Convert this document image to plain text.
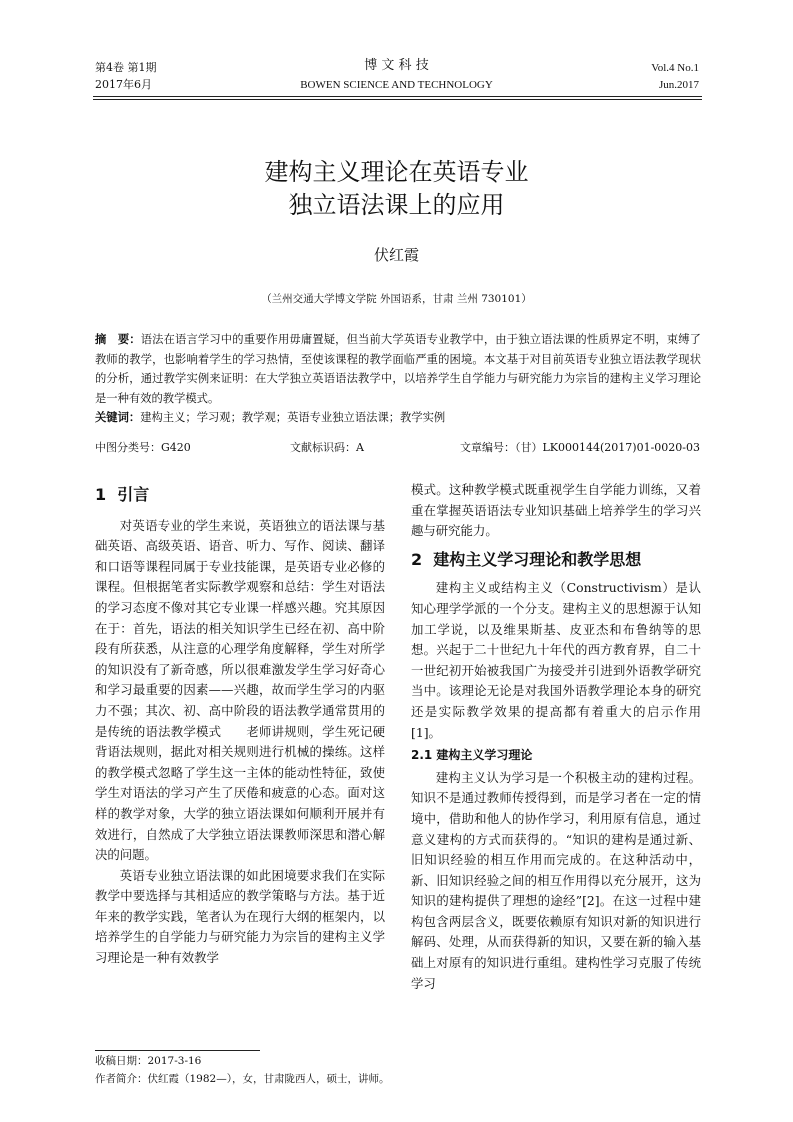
第4卷 第1期
2017年6月
博 文 科 技
BOWEN SCIENCE AND TECHNOLOGY
Vol.4 No.1
Jun.2017
建构主义理论在英语专业
独立语法课上的应用
伏红霞
（兰州交通大学博文学院 外国语系，甘肃 兰州 730101）
摘　要：语法在语言学习中的重要作用毋庸置疑，但当前大学英语专业教学中，由于独立语法课的性质界定不明，束缚了教师的教学，也影响着学生的学习热情，至使该课程的教学面临严重的困境。本文基于对目前英语专业独立语法教学现状的分析，通过教学实例来证明：在大学独立英语语法教学中，以培养学生自学能力与研究能力为宗旨的建构主义学习理论是一种有效的教学模式。
关键词：建构主义；学习观；教学观；英语专业独立语法课；教学实例
中图分类号：G420	文献标识码：A	文章编号：（甘）LK000144(2017)01-0020-03
1 引言

对英语专业的学生来说，英语独立的语法课与基础英语、高级英语、语音、听力、写作、阅读、翻译和口语等课程同属于专业技能课，是英语专业必修的课程。但根据笔者实际教学观察和总结：学生对语法的学习态度不像对其它专业课一样感兴趣。究其原因在于：首先，语法的相关知识学生已经在初、高中阶段有所获悉，从注意的心理学角度解释，学生对所学的知识没有了新奇感，所以很难激发学生学习好奇心和学习最重要的因素——兴趣，故而学生学习的内驱力不强；其次、初、高中阶段的语法教学通常贯用的是传统的语法教学模式　　老师讲规则，学生死记硬背语法规则，据此对相关规则进行机械的操练。这样的教学模式忽略了学生这一主体的能动性特征，致使学生对语法的学习产生了厌倦和疲意的心态。面对这样的教学对象，大学的独立语法课如何顺利开展并有效进行，自然成了大学独立语法课教师深思和潜心解决的问题。

英语专业独立语法课的如此困境要求我们在实际教学中要选择与其相适应的教学策略与方法。基于近年来的教学实践，笔者认为在现行大纲的框架内，以培养学生的自学能力与研究能力为宗旨的建构主义学习理论是一种有效教学

模式。这种教学模式既重视学生自学能力训练，又着重在掌握英语语法专业知识基础上培养学生的学习兴趣与研究能力。

2 建构主义学习理论和教学思想

建构主义或结构主义（Constructivism）是认知心理学学派的一个分支。建构主义的思想源于认知加工学说，以及维果斯基、皮亚杰和布鲁纳等的思想。兴起于二十世纪九十年代的西方教育界，自二十一世纪初开始被我国广为接受并引进到外语教学研究当中。该理论无论是对我国外语教学理论本身的研究还是实际教学效果的提高都有着重大的启示作用[1]。

2.1 建构主义学习理论

建构主义认为学习是一个积极主动的建构过程。知识不是通过教师传授得到，而是学习者在一定的情境中，借助和他人的协作学习，利用原有信息，通过意义建构的方式而获得的。“知识的建构是通过新、旧知识经验的相互作用而完成的。在这种活动中，新、旧知识经验之间的相互作用得以充分展开，这为知识的建构提供了理想的途经”[2]。在这一过程中建构包含两层含义，既要依赖原有知识对新的知识进行解码、处理，从而获得新的知识，又要在新的输入基础上对原有的知识进行重组。建构性学习克服了传统学习

收稿日期：2017-3-16
作者简介：伏红霞（1982—），女，甘肃陇西人，硕士，讲师。
